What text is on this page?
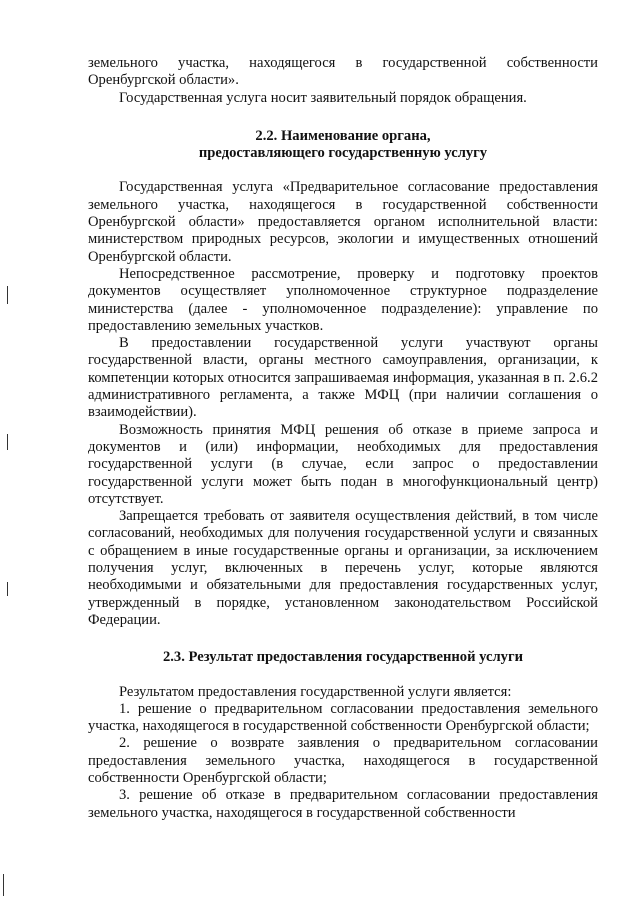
земельного участка, находящегося в государственной собственности Оренбургской области».

Государственная услуга носит заявительный порядок обращения.

2.2. Наименование органа,

предоставляющего государственную услугу

Государственная услуга «Предварительное согласование предоставления земельного участка, находящегося в государственной собственности Оренбургской области» предоставляется органом исполнительной власти: министерством природных ресурсов, экологии и имущественных отношений Оренбургской области.

Непосредственное рассмотрение, проверку и подготовку проектов документов осуществляет уполномоченное структурное подразделение министерства (далее - уполномоченное подразделение): управление по предоставлению земельных участков.

В предоставлении государственной услуги участвуют органы государственной власти, органы местного самоуправления, организации, к компетенции которых относится запрашиваемая информация, указанная в п. 2.6.2 административного регламента, а также МФЦ (при наличии соглашения о взаимодействии).

Возможность принятия МФЦ решения об отказе в приеме запроса и документов и (или) информации, необходимых для предоставления государственной услуги (в случае, если запрос о предоставлении государственной услуги может быть подан в многофункциональный центр) отсутствует.

Запрещается требовать от заявителя осуществления действий, в том числе согласований, необходимых для получения государственной услуги и связанных с обращением в иные государственные органы и организации, за исключением получения услуг, включенных в перечень услуг, которые являются необходимыми и обязательными для предоставления государственных услуг, утвержденный в порядке, установленном законодательством Российской Федерации.

2.3. Результат предоставления государственной услуги

Результатом предоставления государственной услуги является:

1. решение о предварительном согласовании предоставления земельного участка, находящегося в государственной собственности Оренбургской области;

2. решение о возврате заявления о предварительном согласовании предоставления земельного участка, находящегося в государственной собственности Оренбургской области;

3. решение об отказе в предварительном согласовании предоставления земельного участка, находящегося в государственной собственности
